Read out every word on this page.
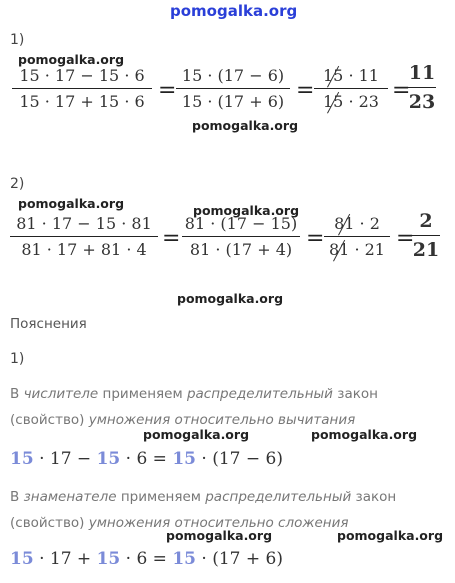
pomogalka.org
1)
pomogalka.org
15 · 17 − 15 · 6
15 · 17 + 15 · 6 =
15 · (17 − 6)
15 · (17 + 6) =
15 · 11
15 · 23 =
11
23
pomogalka.org
2)
pomogalka.org	pomogalka.org
81 · 17 − 15 · 81
81 · 17 + 81 · 4 =
81 · (17 − 15)
81 · (17 + 4) =
81 · 2
81 · 21 =
2
21
pomogalka.org
Пояснения
1)
В числителе применяем распределительный закон
(свойство) умножения относительно вычитания
pomogalka.org	pomogalka.org
15 · 17 − 15 · 6 = 15 · (17 − 6)
В знаменателе применяем распределительный закон
(свойство) умножения относительно сложения
pomogalka.org	pomogalka.org
15 · 17 + 15 · 6 = 15 · (17 + 6)
